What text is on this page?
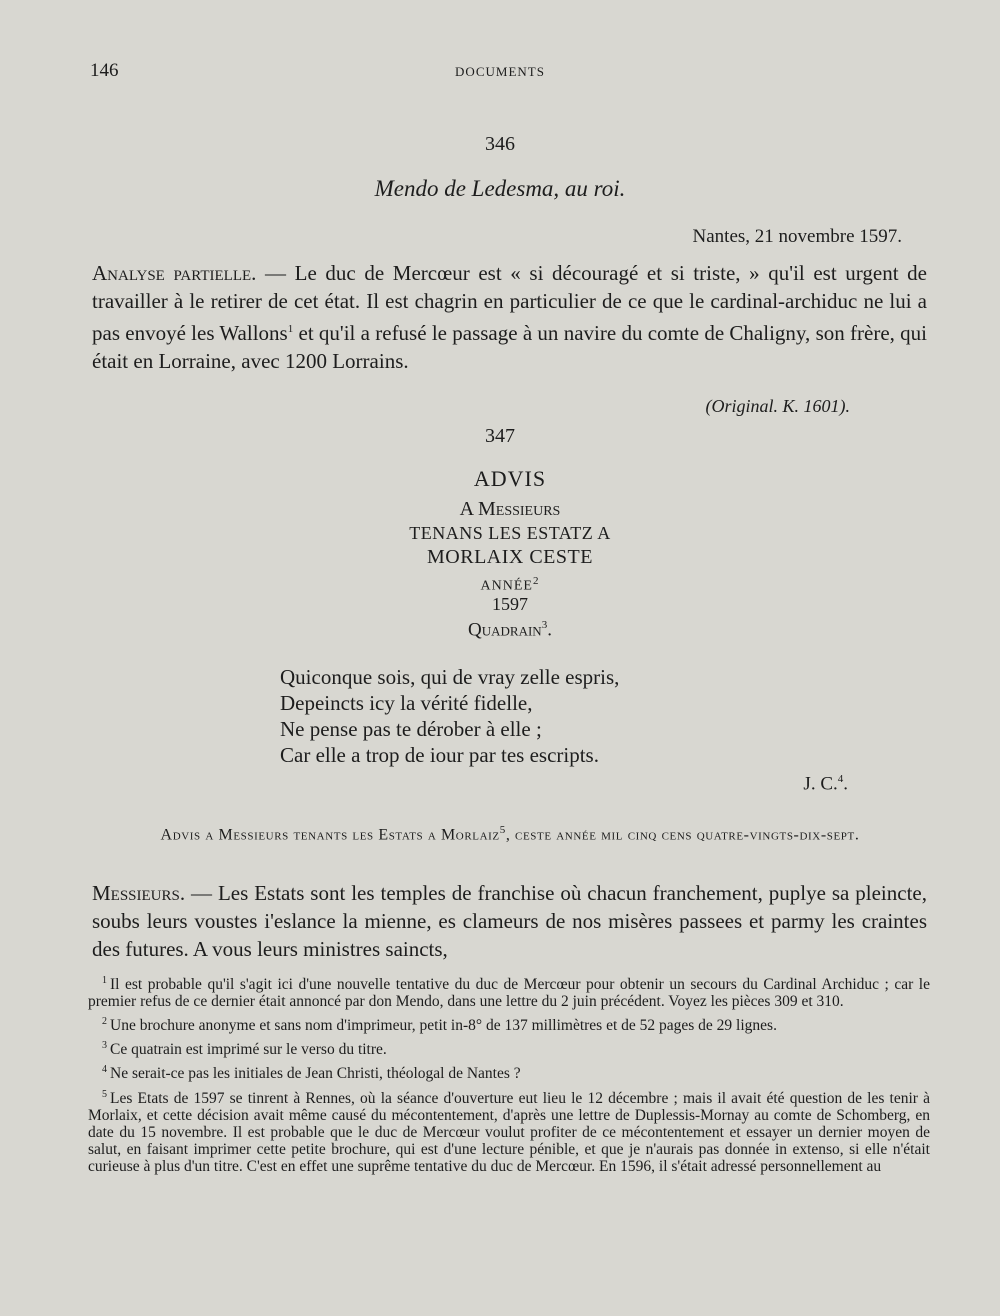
146	DOCUMENTS
346
Mendo de Ledesma, au roi.
Nantes, 21 novembre 1597.
Analyse partielle. — Le duc de Mercœur est « si découragé et si triste, » qu'il est urgent de travailler à le retirer de cet état. Il est chagrin en particulier de ce que le cardinal-archiduc ne lui a pas envoyé les Wallons$^1$ et qu'il a refusé le passage à un navire du comte de Chaligny, son frère, qui était en Lorraine, avec 1200 Lorrains.
(Original. K. 1601).
347
ADVIS
A Messieurs
TENANS LES ESTATZ A
MORLAIX CESTE
ANNÉE$^2$
1597
Quadrain$^3$.
Quiconque sois, qui de vray zelle espris,
Depeincts icy la vérité fidelle,
Ne pense pas te dérober à elle ;
Car elle a trop de iour par tes escripts.
J. C.$^4$.
Advis a Messieurs tenants les Estats a Morlaiz$^5$, ceste année mil cinq cens quatre-vingts-dix-sept.
Messieurs. — Les Estats sont les temples de franchise où chacun franchement, puplye sa pleincte, soubs leurs voustes i'eslance la mienne, es clameurs de nos misères passees et parmy les craintes des futures. A vous leurs ministres saincts,

$^1$ Il est probable qu'il s'agit ici d'une nouvelle tentative du duc de Mercœur pour obtenir un secours du Cardinal Archiduc ; car le premier refus de ce dernier était annoncé par don Mendo, dans une lettre du 2 juin précédent. Voyez les pièces 309 et 310.

$^2$ Une brochure anonyme et sans nom d'imprimeur, petit in-8° de 137 millimètres et de 52 pages de 29 lignes.

$^3$ Ce quatrain est imprimé sur le verso du titre.

$^4$ Ne serait-ce pas les initiales de Jean Christi, théologal de Nantes ?

$^5$ Les Etats de 1597 se tinrent à Rennes, où la séance d'ouverture eut lieu le 12 décembre ; mais il avait été question de les tenir à Morlaix, et cette décision avait même causé du mécontentement, d'après une lettre de Duplessis-Mornay au comte de Schomberg, en date du 15 novembre. Il est probable que le duc de Mercœur voulut profiter de ce mécontentement et essayer un dernier moyen de salut, en faisant imprimer cette petite brochure, qui est d'une lecture pénible, et que je n'aurais pas donnée in extenso, si elle n'était curieuse à plus d'un titre. C'est en effet une suprême tentative du duc de Mercœur. En 1596, il s'était adressé personnellement au
